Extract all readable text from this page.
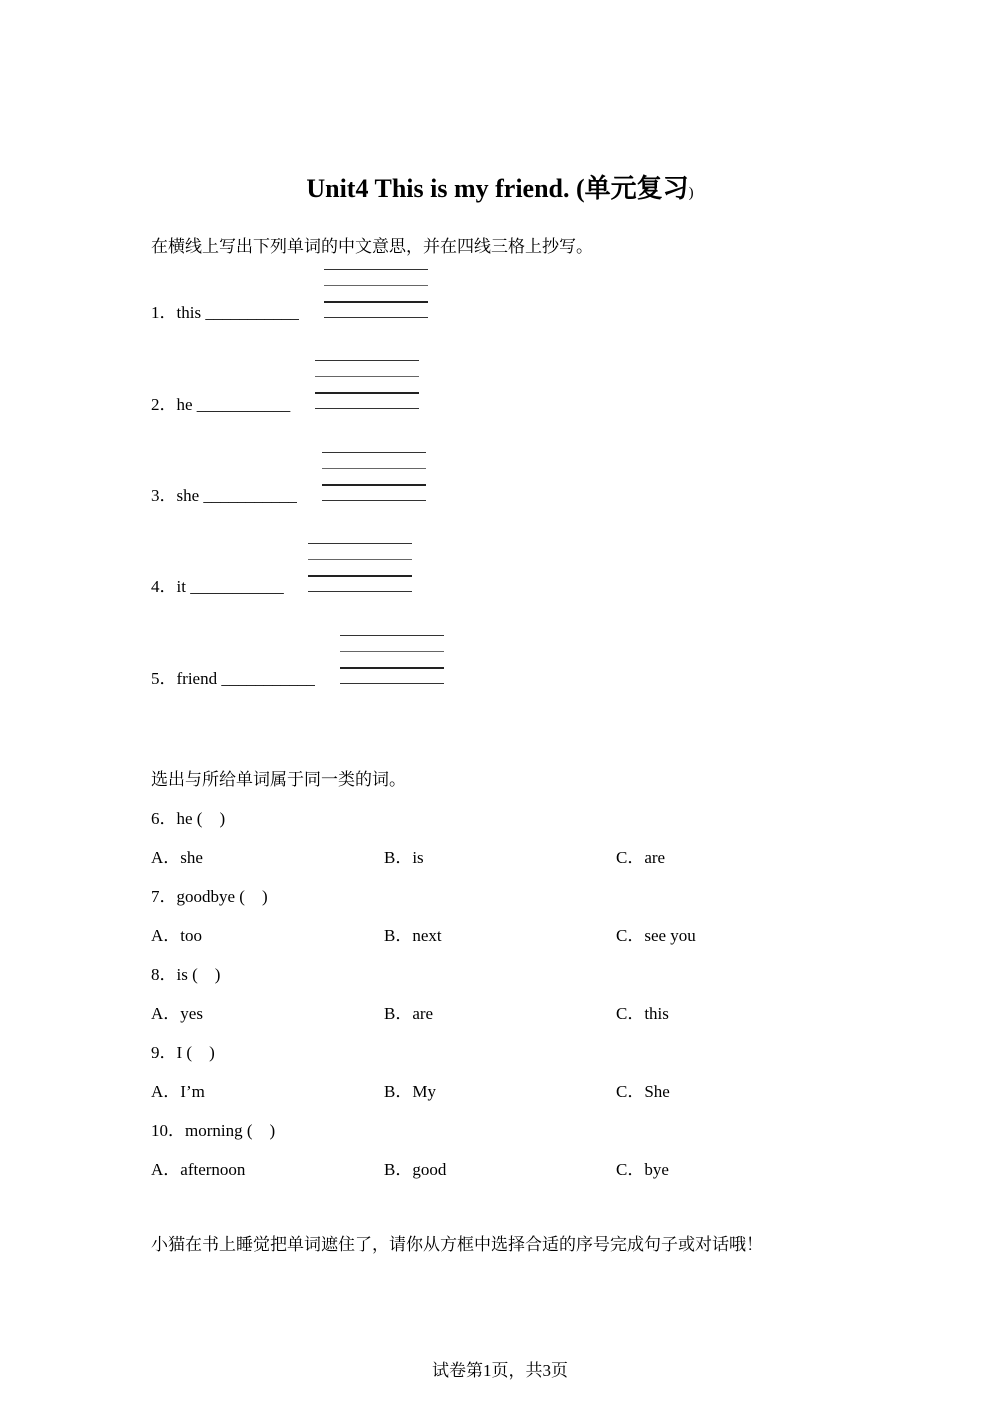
Unit4 This is my friend. (单元复习)
在横线上写出下列单词的中文意思，并在四线三格上抄写。
1．this ___________
2．he ___________
3．she ___________
4．it ___________
5．friend ___________
选出与所给单词属于同一类的词。
6．he (　)
A．she	B．is	C．are
7．goodbye (　)
A．too	B．next	C．see you
8．is (　)
A．yes	B．are	C．this
9．I (　)
A．I’m	B．My	C．She
10．morning (　)
A．afternoon	B．good	C．bye
小猫在书上睡觉把单词遮住了，请你从方框中选择合适的序号完成句子或对话哦！
试卷第1页，共3页
